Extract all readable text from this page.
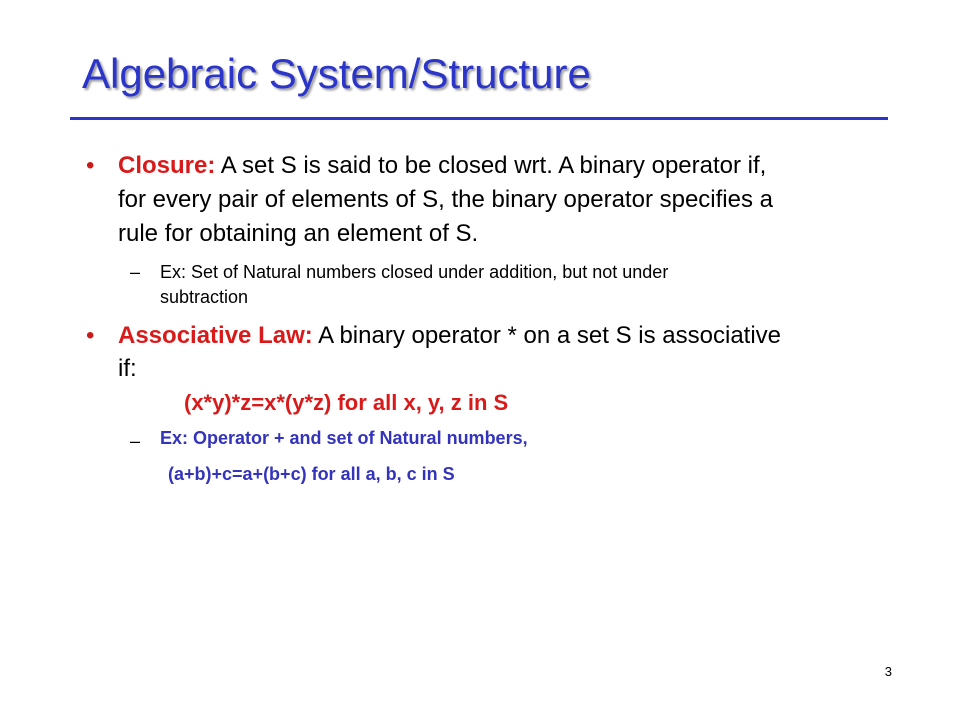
Algebraic System/Structure
• Closure: A set S is said to be closed wrt. A binary operator if,
for every pair of elements of S, the binary operator specifies a
rule for obtaining an element of S.
– Ex: Set of Natural numbers closed under addition, but not under
subtraction
• Associative Law: A binary operator * on a set S is associative
if:
(x*y)*z=x*(y*z) for all x, y, z in S
– Ex: Operator + and set of Natural numbers,
(a+b)+c=a+(b+c) for all a, b, c in S
3
